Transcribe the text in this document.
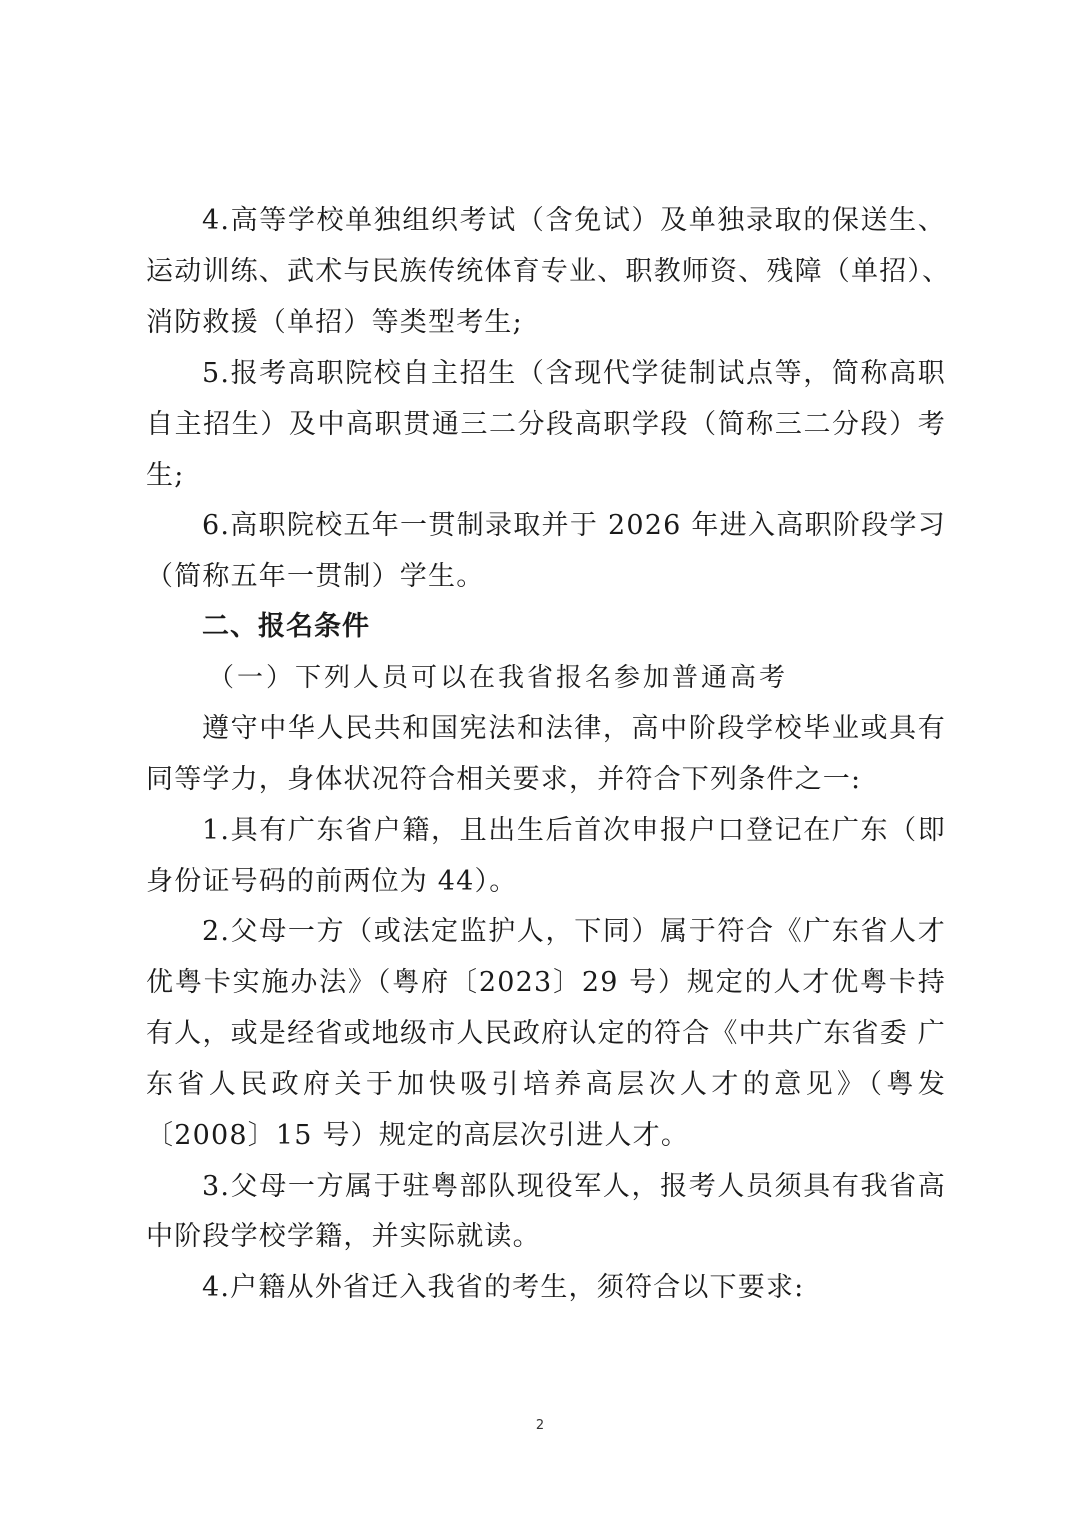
4.高等学校单独组织考试（含免试）及单独录取的保送生、
运动训练、武术与民族传统体育专业、职教师资、残障（单招）、
消防救援（单招）等类型考生;
5.报考高职院校自主招生（含现代学徒制试点等，简称高职
自主招生）及中高职贯通三二分段高职学段（简称三二分段）考
生;
6.高职院校五年一贯制录取并于 2026 年进入高职阶段学习
（简称五年一贯制）学生。
二、报名条件
（一）下列人员可以在我省报名参加普通高考
遵守中华人民共和国宪法和法律，高中阶段学校毕业或具有
同等学力，身体状况符合相关要求，并符合下列条件之一:
1.具有广东省户籍，且出生后首次申报户口登记在广东（即
身份证号码的前两位为 44）。
2.父母一方（或法定监护人，下同）属于符合《广东省人才
优粤卡实施办法》（粤府〔2023〕29 号）规定的人才优粤卡持
有人，或是经省或地级市人民政府认定的符合《中共广东省委 广
东省人民政府关于加快吸引培养高层次人才的意见》（粤发
〔2008〕15 号）规定的高层次引进人才。
3.父母一方属于驻粤部队现役军人，报考人员须具有我省高
中阶段学校学籍，并实际就读。
4.户籍从外省迁入我省的考生，须符合以下要求:
2
